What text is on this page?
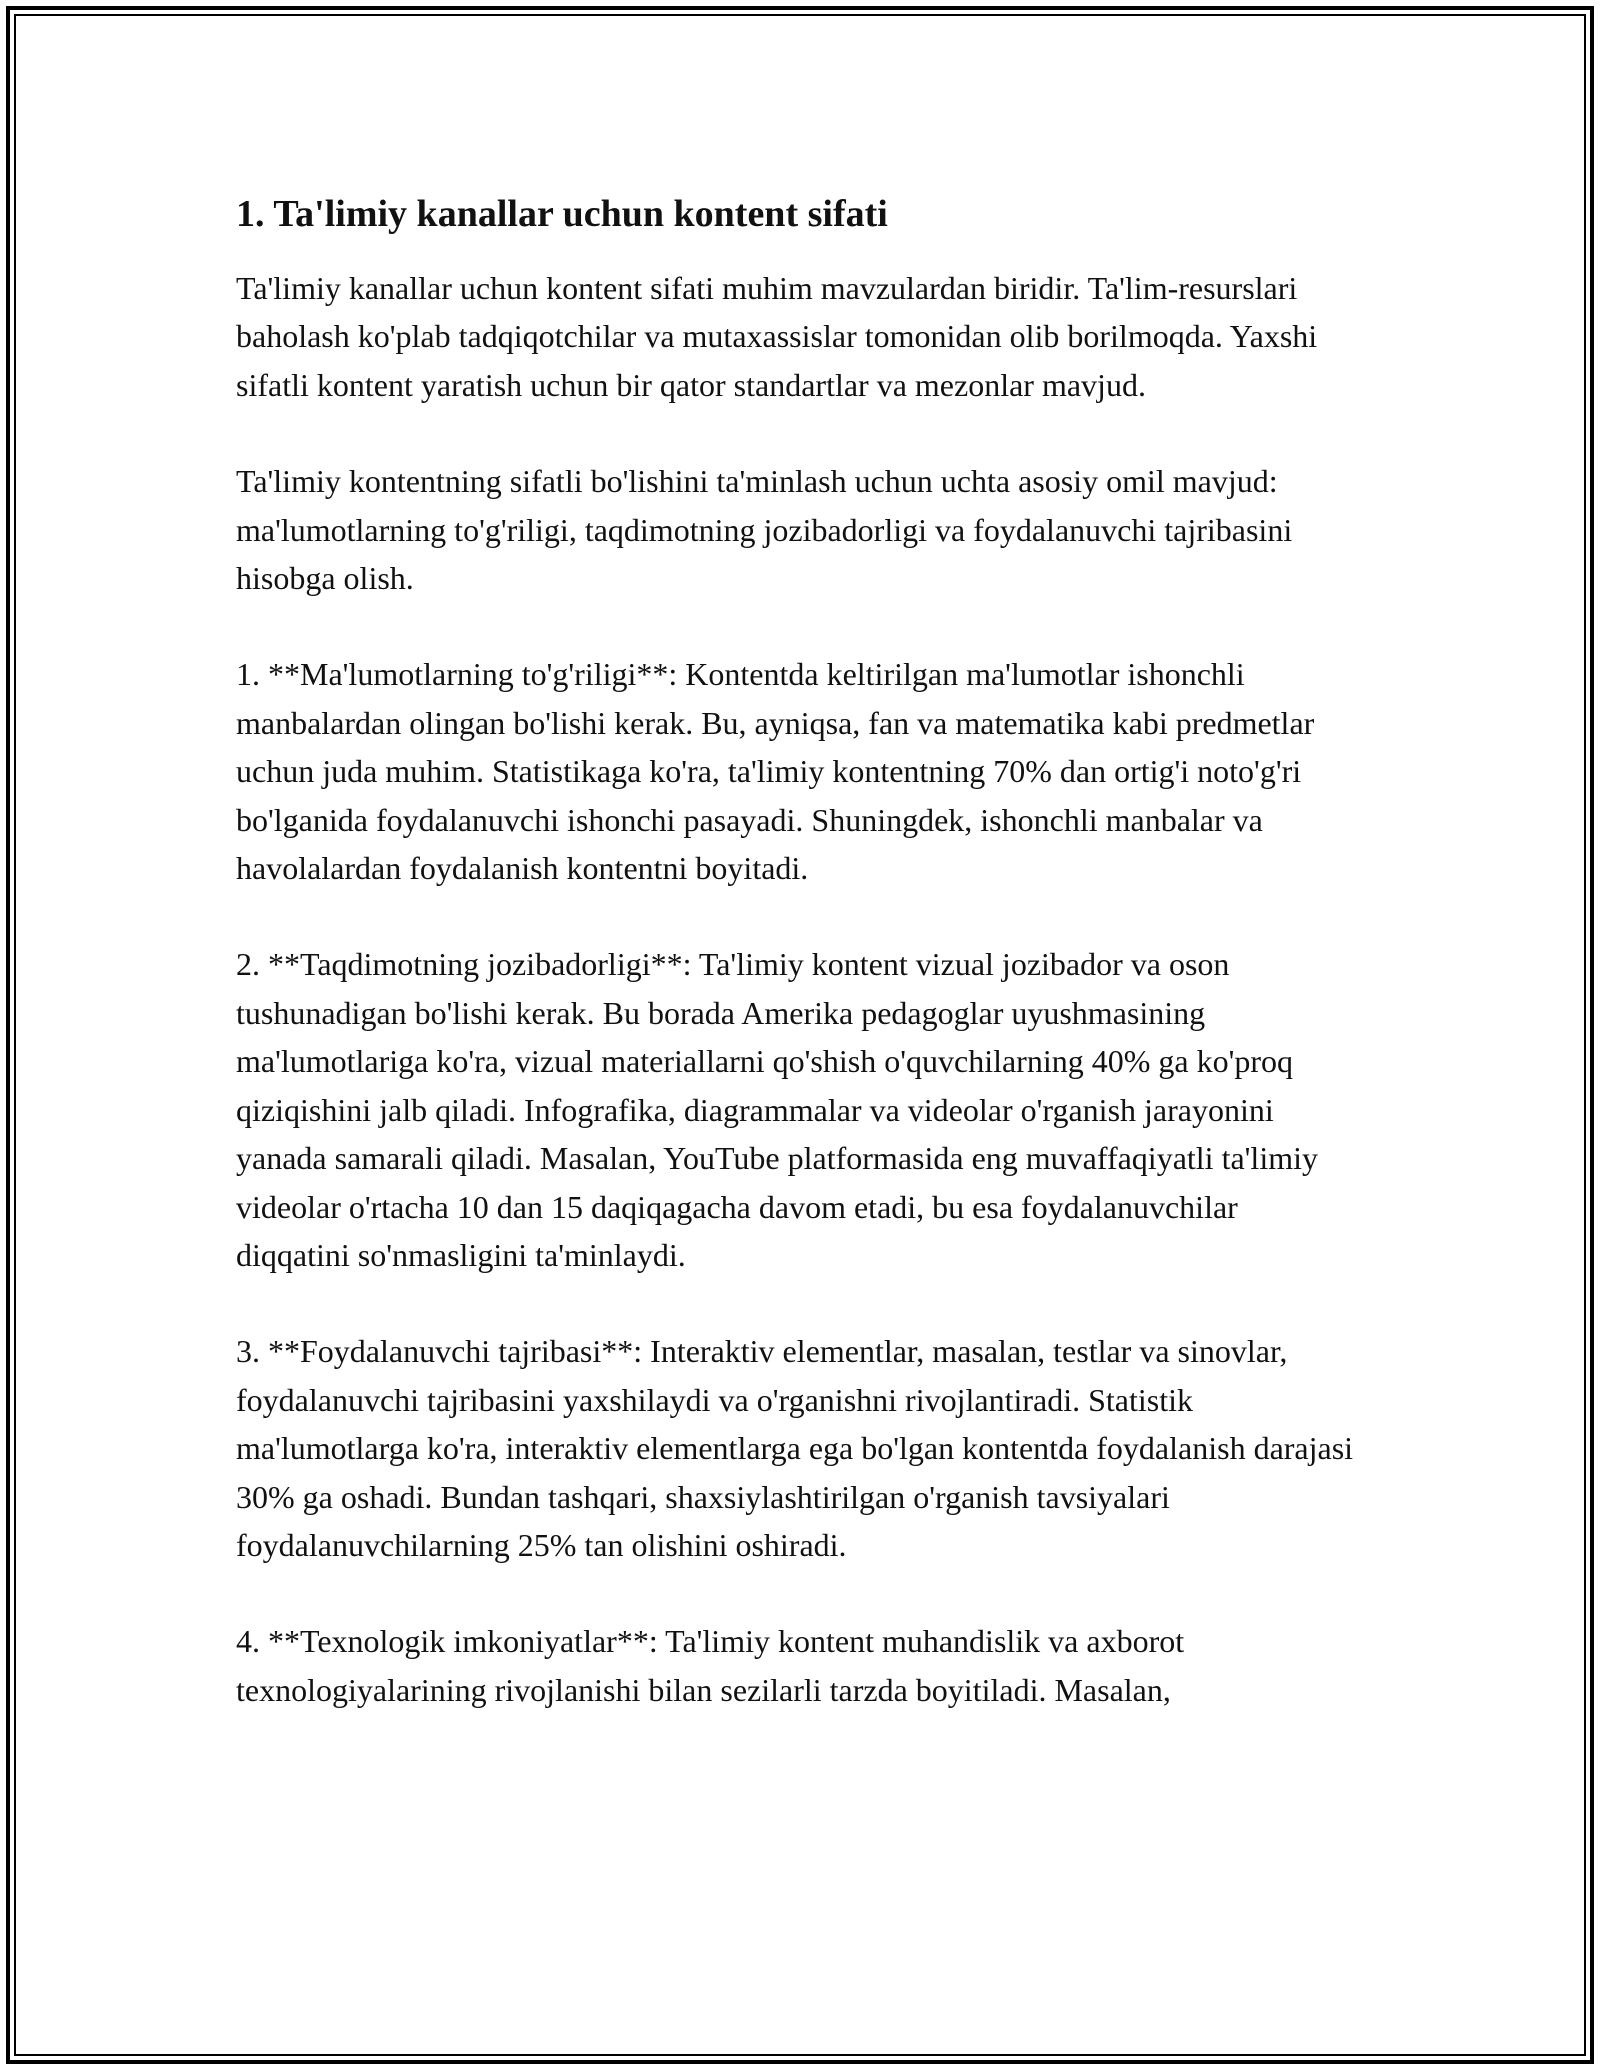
1. Ta'limiy kanallar uchun kontent sifati

Ta'limiy kanallar uchun kontent sifati muhim mavzulardan biridir. Ta'lim-resurslari baholash ko'plab tadqiqotchilar va mutaxassislar tomonidan olib borilmoqda. Yaxshi sifatli kontent yaratish uchun bir qator standartlar va mezonlar mavjud.

Ta'limiy kontentning sifatli bo'lishini ta'minlash uchun uchta asosiy omil mavjud: ma'lumotlarning to'g'riligi, taqdimotning jozibadorligi va foydalanuvchi tajribasini hisobga olish.

1. **Ma'lumotlarning to'g'riligi**: Kontentda keltirilgan ma'lumotlar ishonchli manbalardan olingan bo'lishi kerak. Bu, ayniqsa, fan va matematika kabi predmetlar uchun juda muhim. Statistikaga ko'ra, ta'limiy kontentning 70% dan ortig'i noto'g'ri bo'lganida foydalanuvchi ishonchi pasayadi. Shuningdek, ishonchli manbalar va havolalardan foydalanish kontentni boyitadi.

2. **Taqdimotning jozibadorligi**: Ta'limiy kontent vizual jozibador va oson tushunadigan bo'lishi kerak. Bu borada Amerika pedagoglar uyushmasining ma'lumotlariga ko'ra, vizual materiallarni qo'shish o'quvchilarning 40% ga ko'proq qiziqishini jalb qiladi. Infografika, diagrammalar va videolar o'rganish jarayonini yanada samarali qiladi. Masalan, YouTube platformasida eng muvaffaqiyatli ta'limiy videolar o'rtacha 10 dan 15 daqiqagacha davom etadi, bu esa foydalanuvchilar diqqatini so'nmasligini ta'minlaydi.

3. **Foydalanuvchi tajribasi**: Interaktiv elementlar, masalan, testlar va sinovlar, foydalanuvchi tajribasini yaxshilaydi va o'rganishni rivojlantiradi. Statistik ma'lumotlarga ko'ra, interaktiv elementlarga ega bo'lgan kontentda foydalanish darajasi 30% ga oshadi. Bundan tashqari, shaxsiylashtirilgan o'rganish tavsiyalari foydalanuvchilarning 25% tan olishini oshiradi.

4. **Texnologik imkoniyatlar**: Ta'limiy kontent muhandislik va axborot texnologiyalarining rivojlanishi bilan sezilarli tarzda boyitiladi. Masalan,
